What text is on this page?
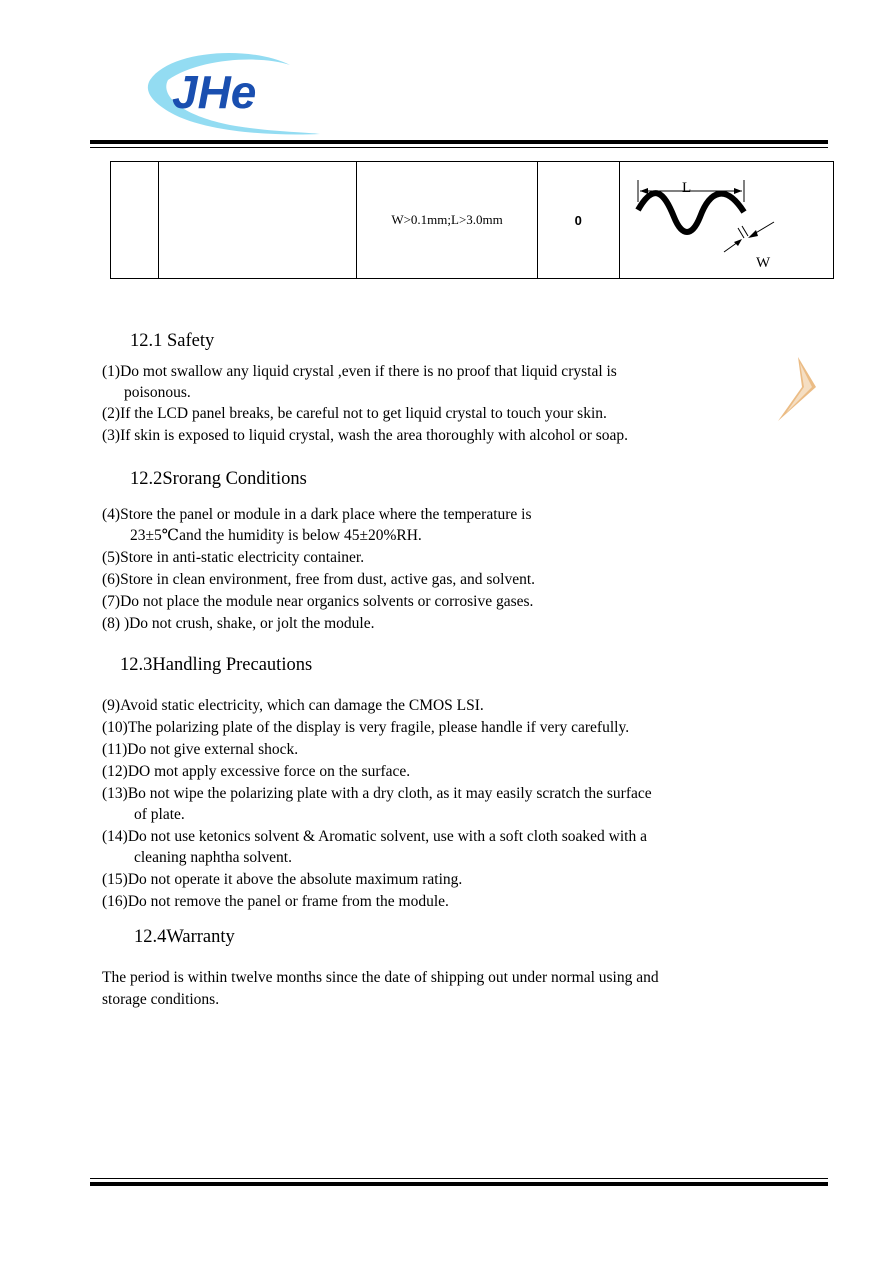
JHe
		W>0.1mm;L>3.0mm	0	
L
W
12.1 Safety
(1)Do mot swallow any liquid crystal ,even if there is no proof that liquid crystal is
poisonous.
(2)If the LCD panel breaks, be careful not to get liquid crystal to touch your skin.
(3)If skin is exposed to liquid crystal, wash the area thoroughly with alcohol or soap.
12.2Srorang Conditions
(4)Store the panel or module in a dark place where the temperature is
23±5℃and the humidity is below 45±20%RH.
(5)Store in anti-static electricity container.
(6)Store in clean environment, free from dust, active gas, and solvent.
(7)Do not place the module near organics solvents or corrosive gases.
(8) )Do not crush, shake, or jolt the module.
12.3Handling Precautions
(9)Avoid static electricity, which can damage the CMOS LSI.
(10)The polarizing plate of the display is very fragile, please handle if very carefully.
(11)Do not give external shock.
(12)DO mot apply excessive force on the surface.
(13)Bo not wipe the polarizing plate with a dry cloth, as it may easily scratch the surface
of plate.
(14)Do not use ketonics solvent & Aromatic solvent, use with a soft cloth soaked with a
cleaning naphtha solvent.
(15)Do not operate it above the absolute maximum rating.
(16)Do not remove the panel or frame from the module.
12.4Warranty
The period is within twelve months since the date of shipping out under normal using and
storage conditions.
